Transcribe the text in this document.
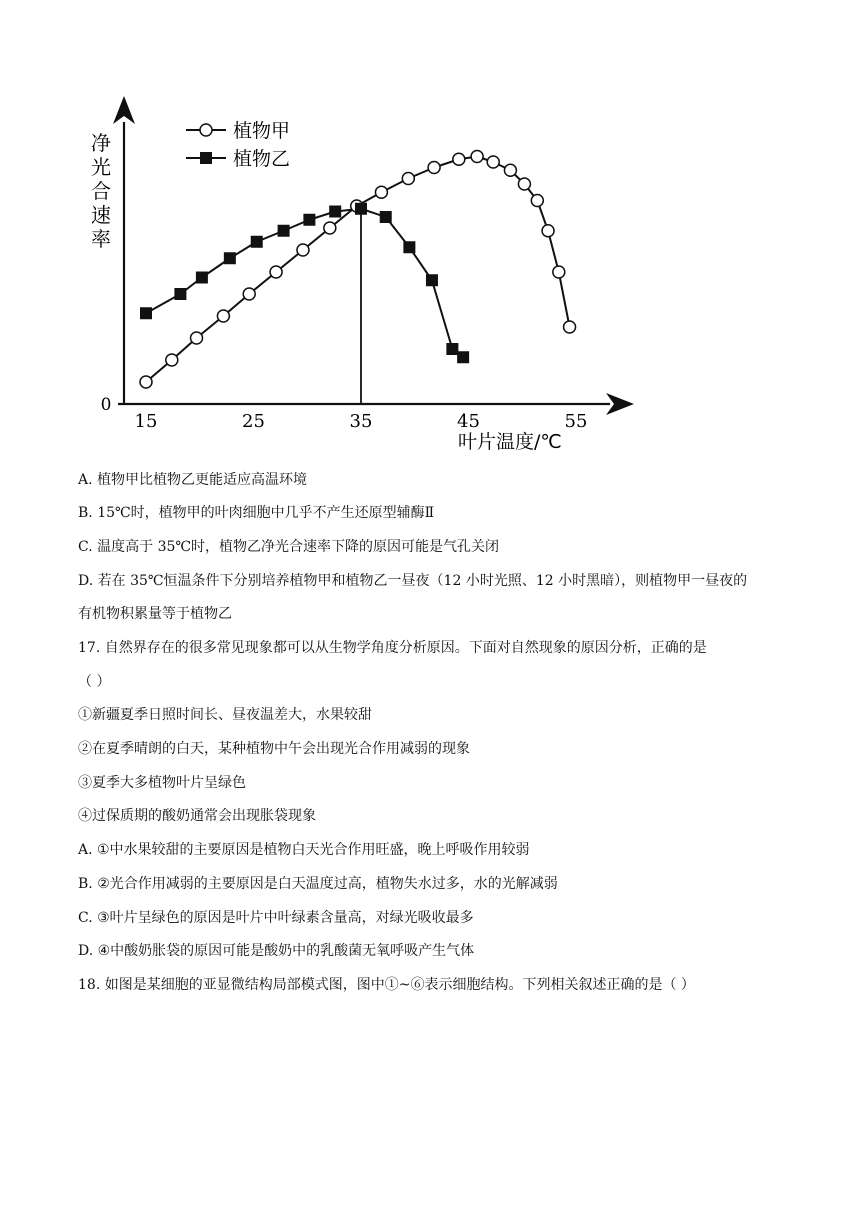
净
光
合
速
率
0
15	25	35	45	55
叶片温度/℃
植物甲
植物乙
A. 植物甲比植物乙更能适应高温环境
B. 15℃时，植物甲的叶肉细胞中几乎不产生还原型辅酶Ⅱ
C. 温度高于 35℃时，植物乙净光合速率下降的原因可能是气孔关闭
D. 若在 35℃恒温条件下分别培养植物甲和植物乙一昼夜（12 小时光照、12 小时黑暗），则植物甲一昼夜的
有机物积累量等于植物乙
17. 自然界存在的很多常见现象都可以从生物学角度分析原因。下面对自然现象的原因分析，正确的是
（ ）
①新疆夏季日照时间长、昼夜温差大，水果较甜
②在夏季晴朗的白天，某种植物中午会出现光合作用减弱的现象
③夏季大多植物叶片呈绿色
④过保质期的酸奶通常会出现胀袋现象
A. ①中水果较甜的主要原因是植物白天光合作用旺盛，晚上呼吸作用较弱
B. ②光合作用减弱的主要原因是白天温度过高，植物失水过多，水的光解减弱
C. ③叶片呈绿色的原因是叶片中叶绿素含量高，对绿光吸收最多
D. ④中酸奶胀袋的原因可能是酸奶中的乳酸菌无氧呼吸产生气体
18. 如图是某细胞的亚显微结构局部模式图，图中①~⑥表示细胞结构。下列相关叙述正确的是（ ）
